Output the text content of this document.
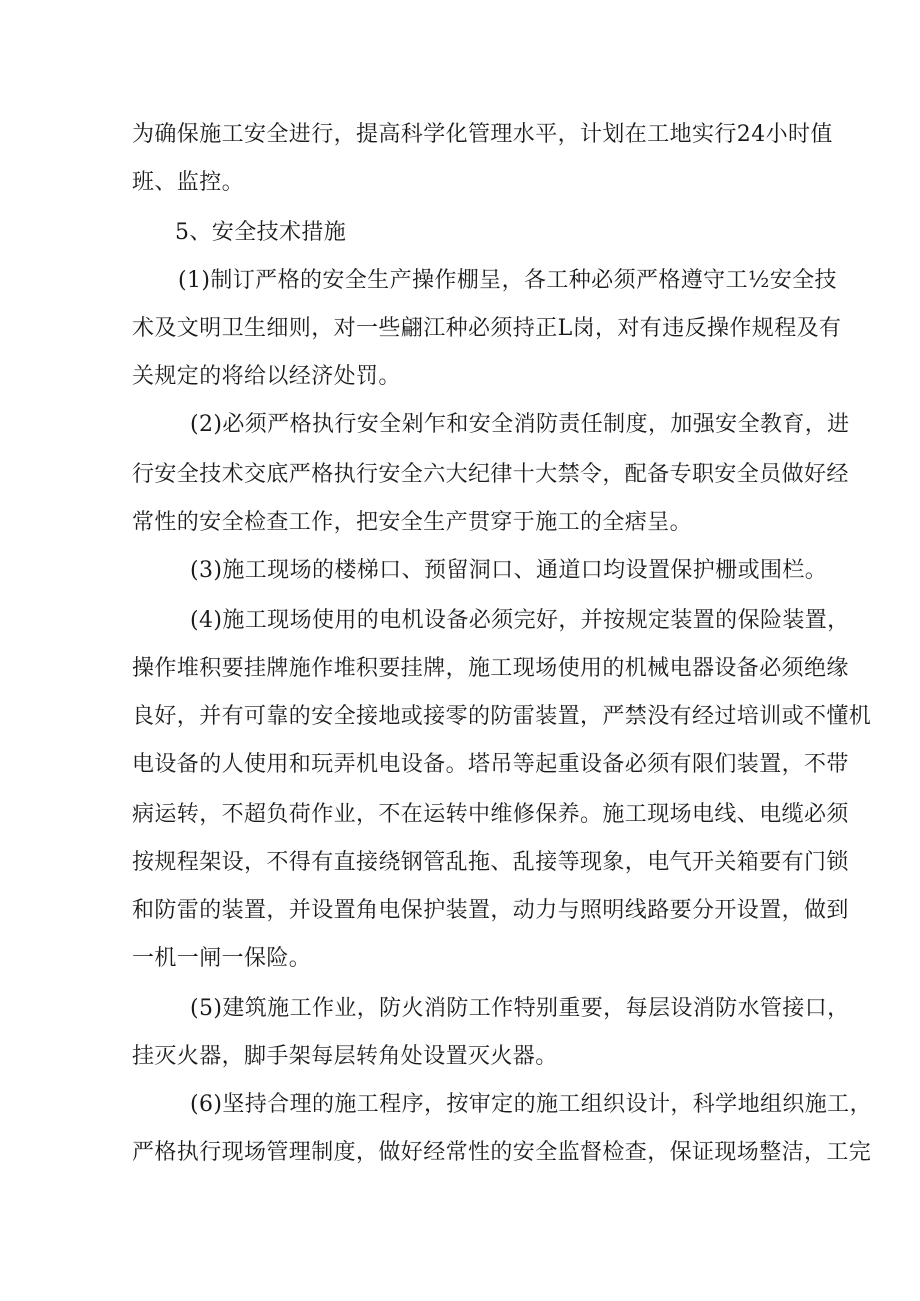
为确保施工安全进行，提高科学化管理水平，计划在工地实行24小时值

班、监控。

5、安全技术措施

(1)制订严格的安全生产操作棚呈，各工种必须严格遵守工½安全技

术及文明卫生细则，对一些翩江种必须持正L岗，对有违反操作规程及有

关规定的将给以经济处罚。

(2)必须严格执行安全剁乍和安全消防责任制度，加强安全教育，进

行安全技术交底严格执行安全六大纪律十大禁令，配备专职安全员做好经

常性的安全检查工作，把安全生产贯穿于施工的全痞呈。

(3)施工现场的楼梯口、预留洞口、通道口均设置保护栅或围栏。

(4)施工现场使用的电机设备必须完好，并按规定装置的保险装置，

操作堆积要挂牌施作堆积要挂牌，施工现场使用的机械电器设备必须绝缘

良好，并有可靠的安全接地或接零的防雷装置，严禁没有经过培训或不懂机

电设备的人使用和玩弄机电设备。塔吊等起重设备必须有限们装置，不带

病运转，不超负荷作业，不在运转中维修保养。施工现场电线、电缆必须

按规程架设，不得有直接绕钢管乱拖、乱接等现象，电气开关箱要有门锁

和防雷的装置，并设置角电保护装置，动力与照明线路要分开设置，做到

一机一闸一保险。

(5)建筑施工作业，防火消防工作特别重要，每层设消防水管接口，

挂灭火器，脚手架每层转角处设置灭火器。

(6)坚持合理的施工程序，按审定的施工组织设计，科学地组织施工，

严格执行现场管理制度，做好经常性的安全监督检查，保证现场整洁，工完
